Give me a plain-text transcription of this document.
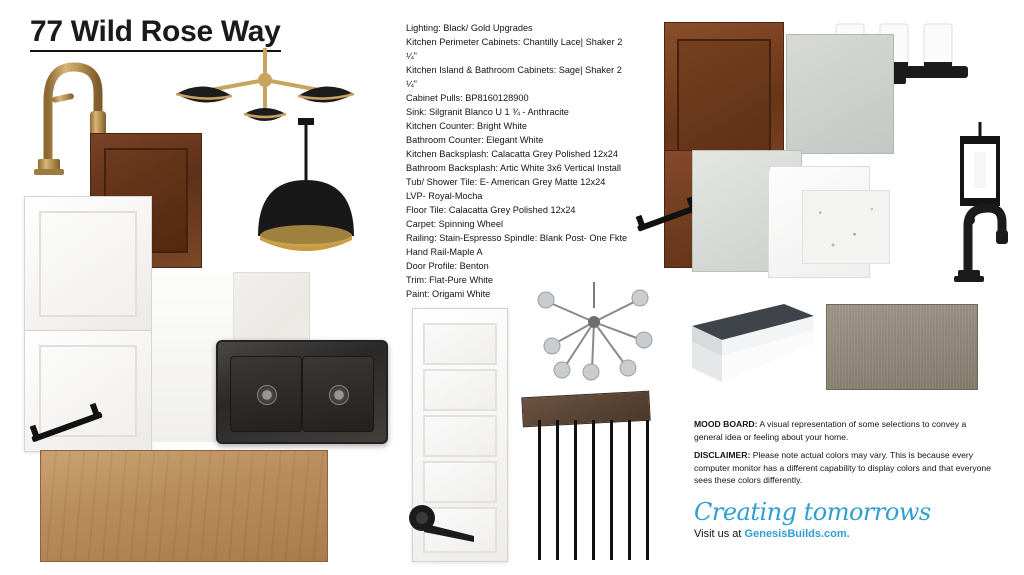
77 Wild Rose Way	Lighting: Black/ Gold Upgrades
Kitchen Perimeter Cabinets: Chantilly Lace| Shaker 2 ¼"
Kitchen Island & Bathroom Cabinets: Sage| Shaker 2 ¼"
Cabinet Pulls: BP8160128900
Sink: Silgranit Blanco U 1 ¾ - Anthracite
Kitchen Counter: Bright White
Bathroom Counter: Elegant White
Kitchen Backsplash: Calacatta Grey Polished 12x24
Bathroom Backsplash: Artic White 3x6 Vertical Install
Tub/ Shower Tile: E- American Grey Matte 12x24
LVP- Royal-Mocha
Floor Tile: Calacatta Grey Polished 12x24
Carpet: Spinning Wheel
Railing: Stain-Espresso Spindle: Blank Post- One Fkte
Hand Rail-Maple A
Door Profile: Benton
Trim: Flat-Pure White
Paint: Origami White

MOOD BOARD: A visual representation of some selections to convey a general idea or feeling about your home.

DISCLAIMER: Please note actual colors may vary. This is because every computer monitor has a different capability to display colors and that everyone sees these colors differently.

Creating tomorrows
Visit us at GenesisBuilds.com.
